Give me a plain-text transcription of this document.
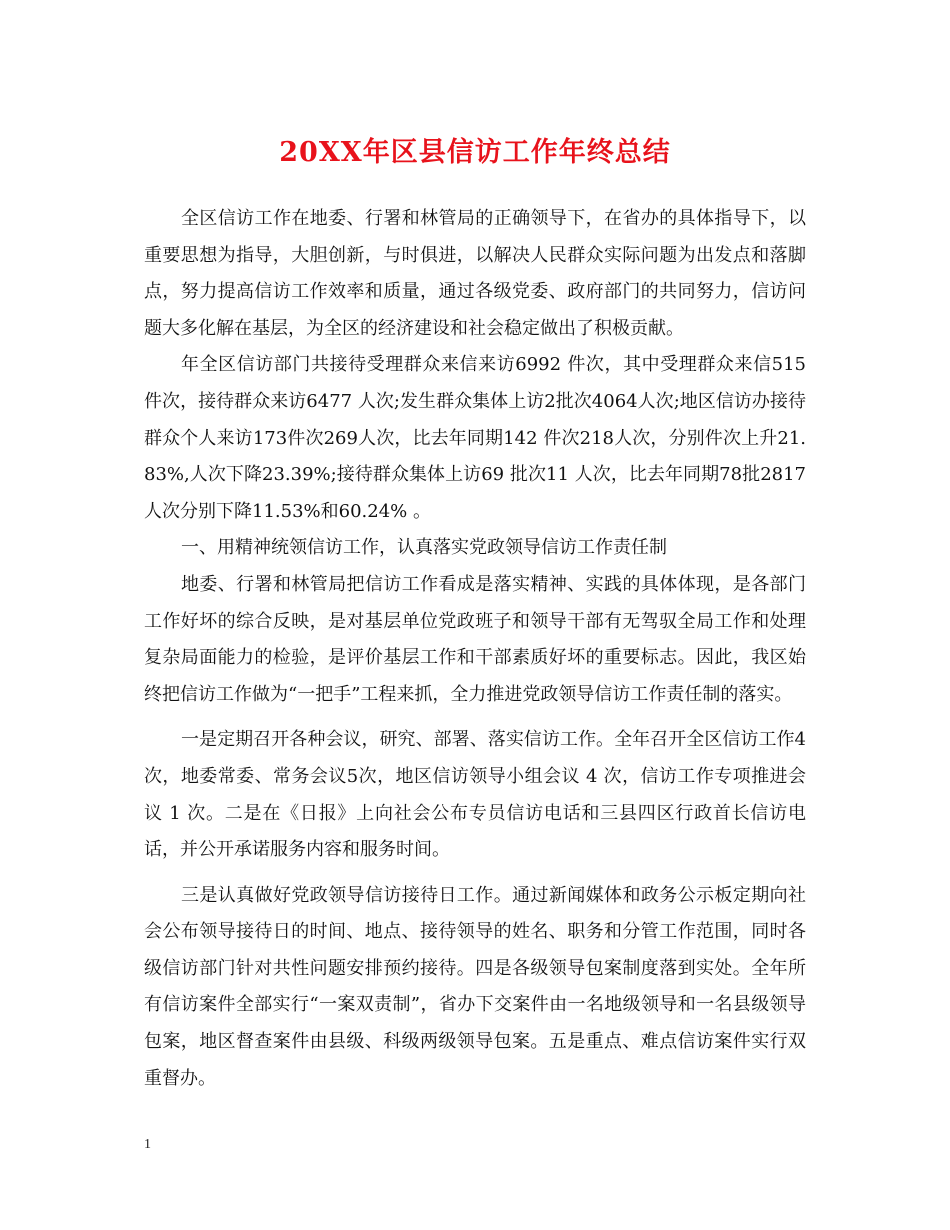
20XX年区县信访工作年终总结

全区信访工作在地委、行署和林管局的正确领导下，在省办的具体指导下，以重要思想为指导，大胆创新，与时俱进，以解决人民群众实际问题为出发点和落脚点，努力提高信访工作效率和质量，通过各级党委、政府部门的共同努力，信访问题大多化解在基层，为全区的经济建设和社会稳定做出了积极贡献。

年全区信访部门共接待受理群众来信来访6992 件次，其中受理群众来信515件次，接待群众来访6477 人次;发生群众集体上访2批次4064人次;地区信访办接待群众个人来访173件次269人次，比去年同期142 件次218人次，分别件次上升21.83%,人次下降23.39%;接待群众集体上访69 批次11 人次，比去年同期78批2817人次分别下降11.53%和60.24% 。

一、用精神统领信访工作，认真落实党政领导信访工作责任制

地委、行署和林管局把信访工作看成是落实精神、实践的具体体现，是各部门工作好坏的综合反映，是对基层单位党政班子和领导干部有无驾驭全局工作和处理复杂局面能力的检验，是评价基层工作和干部素质好坏的重要标志。因此，我区始终把信访工作做为“一把手”工程来抓，全力推进党政领导信访工作责任制的落实。

一是定期召开各种会议，研究、部署、落实信访工作。全年召开全区信访工作4 次，地委常委、常务会议5次，地区信访领导小组会议 4 次，信访工作专项推进会议 1 次。二是在《日报》上向社会公布专员信访电话和三县四区行政首长信访电话，并公开承诺服务内容和服务时间。

三是认真做好党政领导信访接待日工作。通过新闻媒体和政务公示板定期向社会公布领导接待日的时间、地点、接待领导的姓名、职务和分管工作范围，同时各级信访部门针对共性问题安排预约接待。四是各级领导包案制度落到实处。全年所有信访案件全部实行“一案双责制”，省办下交案件由一名地级领导和一名县级领导包案，地区督查案件由县级、科级两级领导包案。五是重点、难点信访案件实行双重督办。

1
